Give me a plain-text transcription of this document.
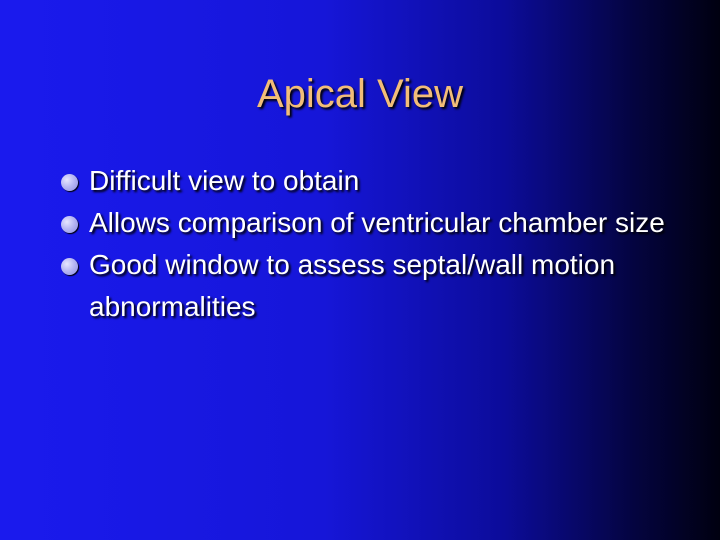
Apical View
Difficult view to obtain
Allows comparison of ventricular chamber size
Good window to assess septal/wall motion abnormalities
